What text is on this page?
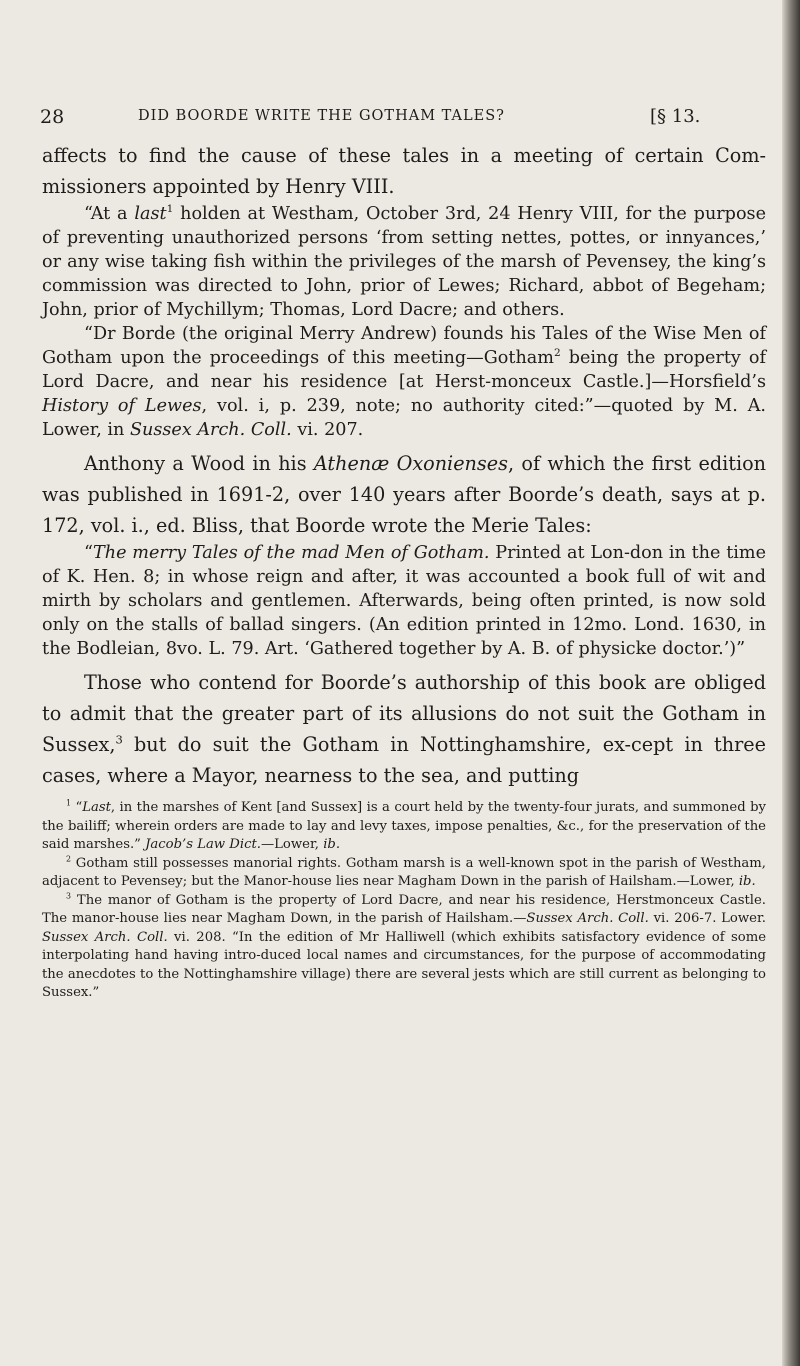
28	DID BOORDE WRITE THE GOTHAM TALES?	[§ 13.

affects to find the cause of these tales in a meeting of certain Com-missioners appointed by Henry VIII.

“At a last$^1$ holden at Westham, October 3rd, 24 Henry VIII, for the purpose of preventing unauthorized persons ‘from setting nettes, pottes, or innyances,’ or any wise taking fish within the privileges of the marsh of Pevensey, the king’s commission was directed to John, prior of Lewes; Richard, abbot of Begeham; John, prior of Mychillym; Thomas, Lord Dacre; and others.

“Dr Borde (the original Merry Andrew) founds his Tales of the Wise Men of Gotham upon the proceedings of this meeting—Gotham$^2$ being the property of Lord Dacre, and near his residence [at Herst-monceux Castle.]—Horsfield’s History of Lewes, vol. i, p. 239, note; no authority cited:”—quoted by M. A. Lower, in Sussex Arch. Coll. vi. 207.

Anthony a Wood in his Athenæ Oxonienses, of which the first edition was published in 1691-2, over 140 years after Boorde’s death, says at p. 172, vol. i., ed. Bliss, that Boorde wrote the Merie Tales:

“The merry Tales of the mad Men of Gotham. Printed at Lon-don in the time of K. Hen. 8; in whose reign and after, it was accounted a book full of wit and mirth by scholars and gentlemen. Afterwards, being often printed, is now sold only on the stalls of ballad singers. (An edition printed in 12mo. Lond. 1630, in the Bodleian, 8vo. L. 79. Art. ‘Gathered together by A. B. of physicke doctor.’)”

Those who contend for Boorde’s authorship of this book are obliged to admit that the greater part of its allusions do not suit the Gotham in Sussex,$^3$ but do suit the Gotham in Nottinghamshire, ex-cept in three cases, where a Mayor, nearness to the sea, and putting

$^1$ “Last, in the marshes of Kent [and Sussex] is a court held by the twenty-four jurats, and summoned by the bailiff; wherein orders are made to lay and levy taxes, impose penalties, &c., for the preservation of the said marshes.” Jacob’s Law Dict.—Lower, ib.

$^2$ Gotham still possesses manorial rights. Gotham marsh is a well-known spot in the parish of Westham, adjacent to Pevensey; but the Manor-house lies near Magham Down in the parish of Hailsham.—Lower, ib.

$^3$ The manor of Gotham is the property of Lord Dacre, and near his residence, Herstmonceux Castle. The manor-house lies near Magham Down, in the parish of Hailsham.—Sussex Arch. Coll. vi. 206-7. Lower. Sussex Arch. Coll. vi. 208. “In the edition of Mr Halliwell (which exhibits satisfactory evidence of some interpolating hand having intro-duced local names and circumstances, for the purpose of accommodating the anecdotes to the Nottinghamshire village) there are several jests which are still current as belonging to Sussex.”
